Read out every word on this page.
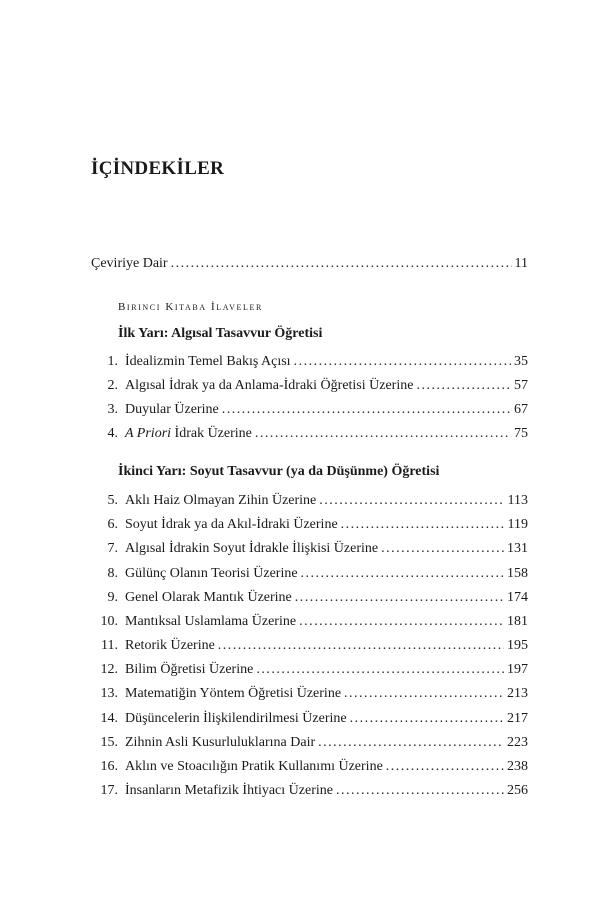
İÇİNDEKİLER
Çeviriye Dair .....	11
Birinci Kitaba İlaveler
İlk Yarı: Algısal Tasavvur Öğretisi
1. İdealizmin Temel Bakış Açısı .....	35
2. Algısal İdrak ya da Anlama-İdraki Öğretisi Üzerine .....	57
3. Duyular Üzerine .....	67
4. A Priori İdrak Üzerine .....	75
İkinci Yarı: Soyut Tasavvur (ya da Düşünme) Öğretisi
5. Aklı Haiz Olmayan Zihin Üzerine .....	113
6. Soyut İdrak ya da Akıl-İdraki Üzerine .....	119
7. Algısal İdrakin Soyut İdrakle İlişkisi Üzerine .....	131
8. Gülünç Olanın Teorisi Üzerine .....	158
9. Genel Olarak Mantık Üzerine .....	174
10. Mantıksal Uslamlama Üzerine .....	181
11. Retorik Üzerine .....	195
12. Bilim Öğretisi Üzerine .....	197
13. Matematiğin Yöntem Öğretisi Üzerine .....	213
14. Düşüncelerin İlişkilendirilmesi Üzerine .....	217
15. Zihnin Asli Kusurluluklarına Dair .....	223
16. Aklın ve Stoacılığın Pratik Kullanımı Üzerine .....	238
17. İnsanların Metafizik İhtiyacı Üzerine .....	256
